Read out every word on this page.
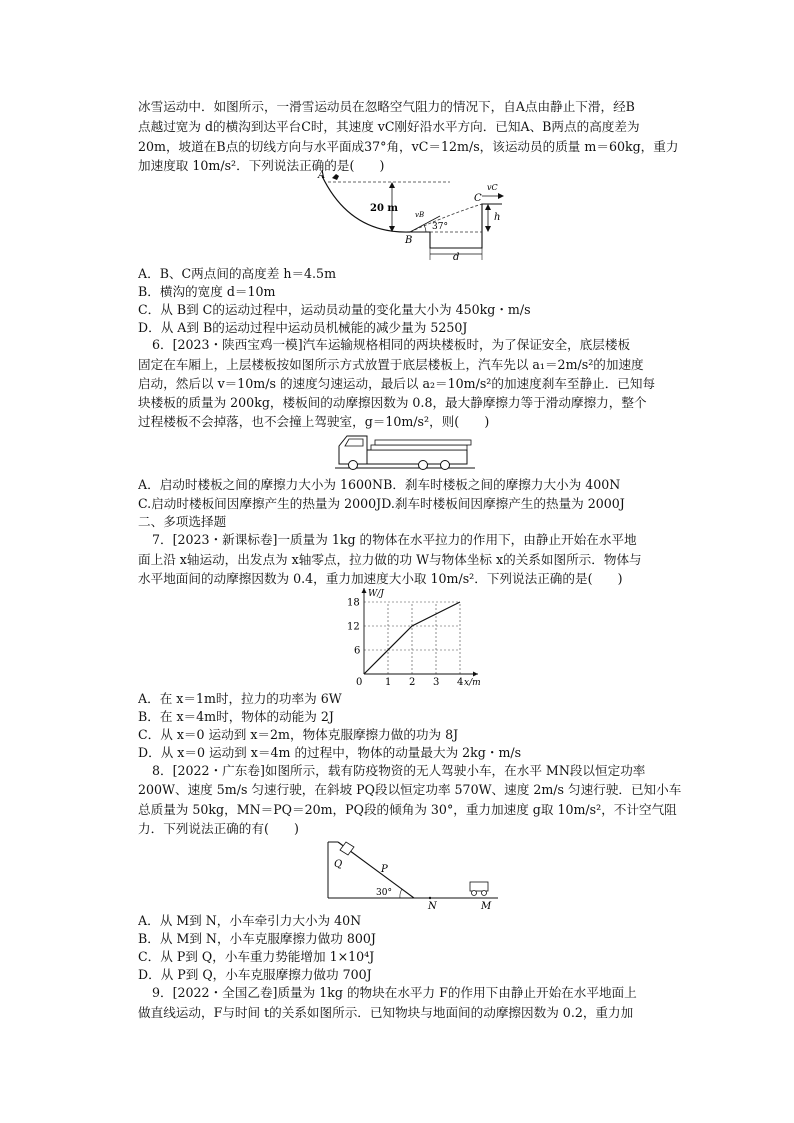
冰雪运动中．如图所示，一滑雪运动员在忽略空气阻力的情况下，自A点由静止下滑，经B
点越过宽为 d的横沟到达平台C时，其速度 vC刚好沿水平方向．已知A、B两点的高度差为
20m，坡道在B点的切线方向与水平面成37°角，vC＝12m/s，该运动员的质量 m＝60kg，重力
加速度取 10m/s²．下列说法正确的是(　　)
A
B
C
20 m
vB
vC
h
37°
d
A．B、C两点间的高度差 h＝4.5m
B．横沟的宽度 d＝10m
C．从 B到 C的运动过程中，运动员动量的变化量大小为 450kg・m/s
D．从 A到 B的运动过程中运动员机械能的减少量为 5250J
6．[2023・陕西宝鸡一模]汽车运输规格相同的两块楼板时，为了保证安全，底层楼板
固定在车厢上，上层楼板按如图所示方式放置于底层楼板上，汽车先以 a₁＝2m/s²的加速度
启动，然后以 v＝10m/s 的速度匀速运动，最后以 a₂＝10m/s²的加速度刹车至静止．已知每
块楼板的质量为 200kg，楼板间的动摩擦因数为 0.8，最大静摩擦力等于滑动摩擦力，整个
过程楼板不会掉落，也不会撞上驾驶室，g＝10m/s²，则(　　)
A．启动时楼板之间的摩擦力大小为 1600NB．刹车时楼板之间的摩擦力大小为 400N
C.启动时楼板间因摩擦产生的热量为 2000JD.刹车时楼板间因摩擦产生的热量为 2000J
二、多项选择题
7．[2023・新课标卷]一质量为 1kg 的物体在水平拉力的作用下，由静止开始在水平地
面上沿 x轴运动，出发点为 x轴零点，拉力做的功 W与物体坐标 x的关系如图所示．物体与
水平地面间的动摩擦因数为 0.4，重力加速度大小取 10m/s²．下列说法正确的是(　　)
0 1 2 3 4
6
12
18
x/m
W/J
A．在 x＝1m时，拉力的功率为 6W
B．在 x＝4m时，物体的动能为 2J
C．从 x＝0 运动到 x＝2m，物体克服摩擦力做的功为 8J
D．从 x＝0 运动到 x＝4m 的过程中，物体的动量最大为 2kg・m/s
8．[2022・广东卷]如图所示，载有防疫物资的无人驾驶小车，在水平 MN段以恒定功率
200W、速度 5m/s 匀速行驶，在斜坡 PQ段以恒定功率 570W、速度 2m/s 匀速行驶．已知小车
总质量为 50kg，MN＝PQ＝20m，PQ段的倾角为 30°，重力加速度 g取 10m/s²，不计空气阻
力．下列说法正确的有(　　)
Q	P
30°
N	M
A．从 M到 N，小车牵引力大小为 40N
B．从 M到 N，小车克服摩擦力做功 800J
C．从 P到 Q，小车重力势能增加 1×10⁴J
D．从 P到 Q，小车克服摩擦力做功 700J
9．[2022・全国乙卷]质量为 1kg 的物块在水平力 F的作用下由静止开始在水平地面上
做直线运动，F与时间 t的关系如图所示．已知物块与地面间的动摩擦因数为 0.2，重力加
